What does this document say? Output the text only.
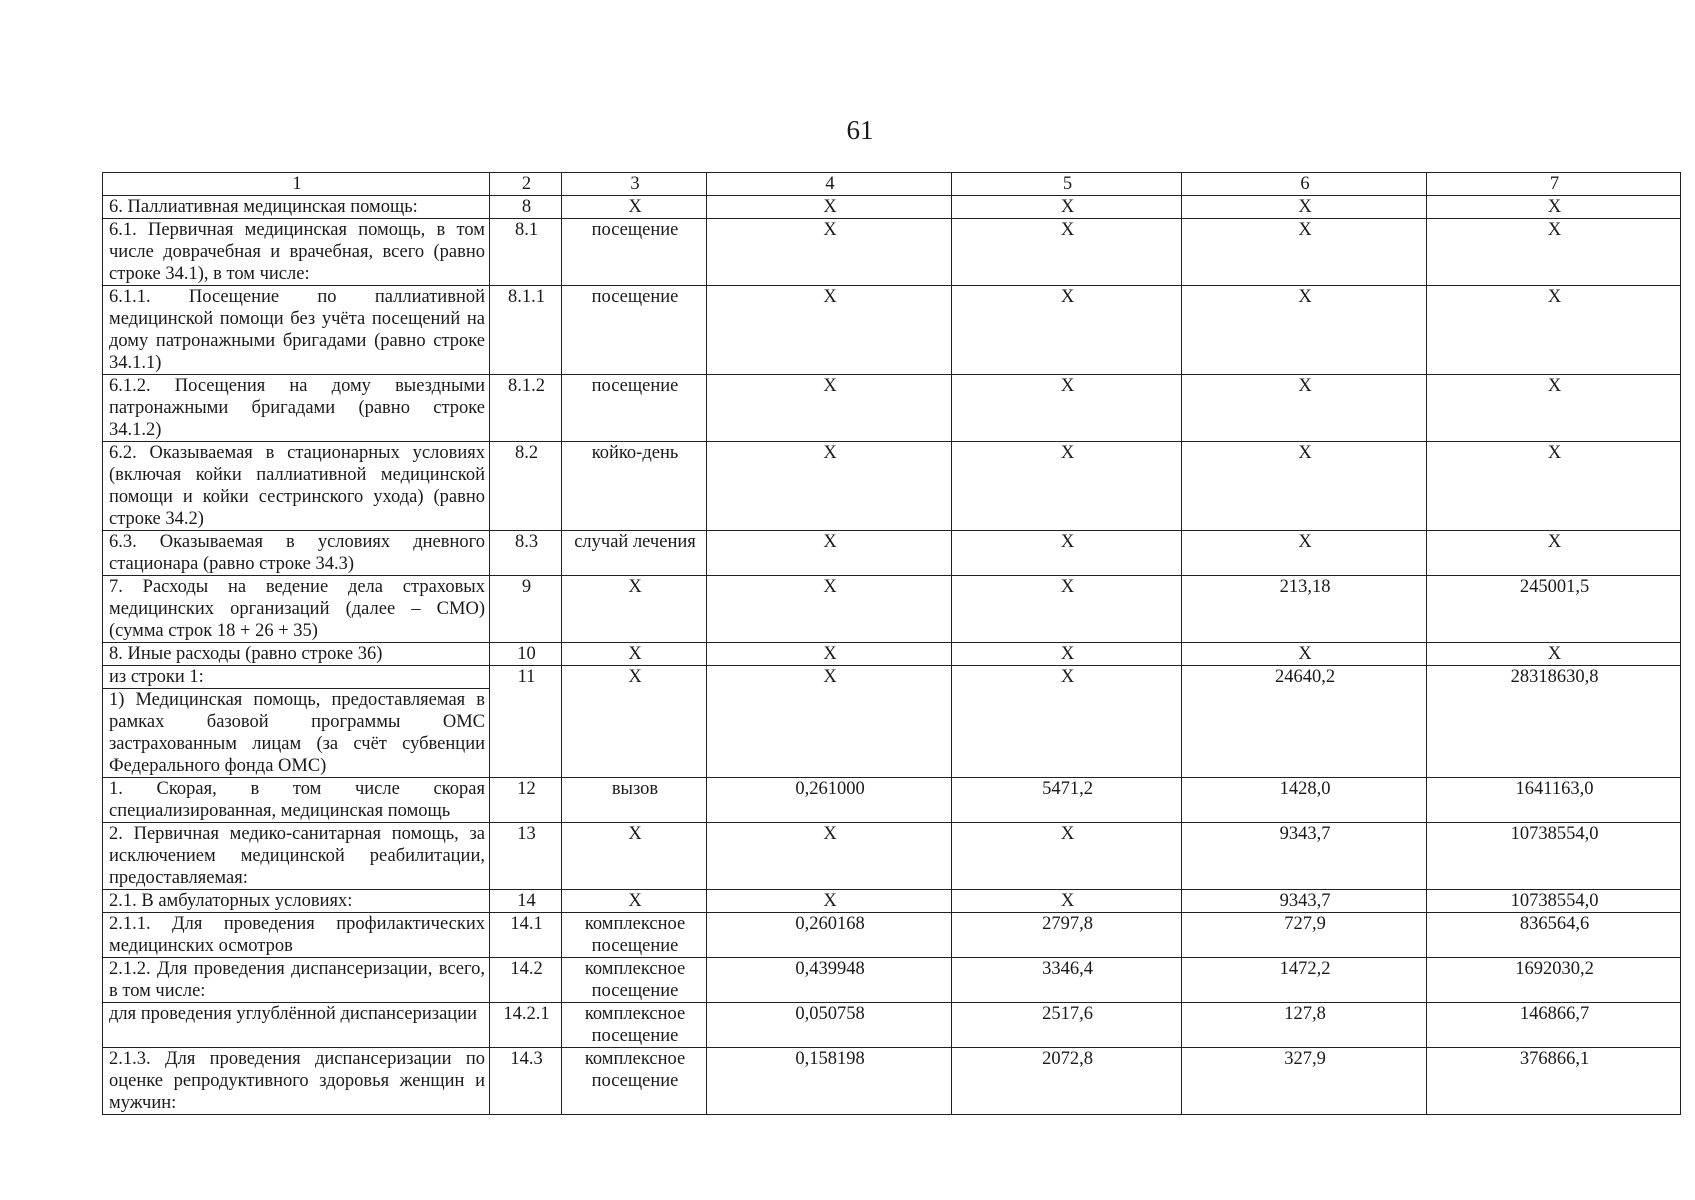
61
1	2	3	4	5	6	7
6. Паллиативная медицинская помощь:	8	X	X	X	X	X
6.1. Первичная медицинская помощь, в том числе доврачебная и врачебная, всего (равно строке 34.1), в том числе:	8.1	посещение	X	X	X	X
6.1.1. Посещение по паллиативной медицинской помощи без учёта посещений на дому патронажными бригадами (равно строке 34.1.1)	8.1.1	посещение	X	X	X	X
6.1.2. Посещения на дому выездными патронажными бригадами (равно строке 34.1.2)	8.1.2	посещение	X	X	X	X
6.2. Оказываемая в стационарных условиях (включая койки паллиативной медицинской помощи и койки сестринского ухода) (равно строке 34.2)	8.2	койко-день	X	X	X	X
6.3. Оказываемая в условиях дневного стационара (равно строке 34.3)	8.3	случай лечения	X	X	X	X
7. Расходы на ведение дела страховых медицинских организаций (далее – СМО) (сумма строк 18 + 26 + 35)	9	X	X	X	213,18	245001,5
8. Иные расходы (равно строке 36)	10	X	X	X	X	X
из строки 1:	11	X	X	X	24640,2	28318630,8
1) Медицинская помощь, предоставляемая в рамках базовой программы ОМС застрахованным лицам (за счёт субвенции Федерального фонда ОМС)						
1. Скорая, в том числе скорая специализированная, медицинская помощь	12	вызов	0,261000	5471,2	1428,0	1641163,0
2. Первичная медико-санитарная помощь, за исключением медицинской реабилитации, предоставляемая:	13	X	X	X	9343,7	10738554,0
2.1. В амбулаторных условиях:	14	X	X	X	9343,7	10738554,0
2.1.1. Для проведения профилактических медицинских осмотров	14.1	комплексное посещение	0,260168	2797,8	727,9	836564,6
2.1.2. Для проведения диспансеризации, всего, в том числе:	14.2	комплексное посещение	0,439948	3346,4	1472,2	1692030,2
для проведения углублённой диспансеризации	14.2.1	комплексное посещение	0,050758	2517,6	127,8	146866,7
2.1.3. Для проведения диспансеризации по оценке репродуктивного здоровья женщин и мужчин:	14.3	комплексное посещение	0,158198	2072,8	327,9	376866,1
